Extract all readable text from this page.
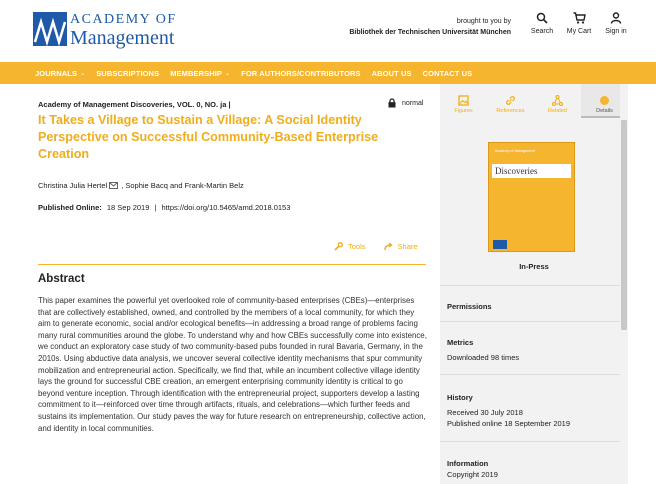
ACADEMY OF
Management
brought to you by
Bibliothek der Technischen Universität München	Search My Cart	Sign in
JOURNALS ⌄ SUBSCRIPTIONS MEMBERSHIP ⌄ FOR AUTHORS/CONTRIBUTORS ABOUT US CONTACT US
Academy of Management Discoveries, VOL. 0, NO. ja |	normal
It Takes a Village to Sustain a Village: A Social Identity Perspective on Successful Community-Based Enterprise Creation
Christina Julia Hertel , Sophie Bacq and Frank-Martin Belz
Published Online: 18 Sep 2019 | https://doi.org/10.5465/amd.2018.0153
Tools	Share
Abstract

This paper examines the powerful yet overlooked role of community-based enterprises (CBEs)—enterprises that are collectively established, owned, and controlled by the members of a local community, for which they aim to generate economic, social and/or ecological benefits—in addressing a broad range of problems facing many rural communities around the globe. To understand why and how CBEs successfully come into existence, we conduct an exploratory case study of two community-based pubs founded in rural Bavaria, Germany, in the 2010s. Using abductive data analysis, we uncover several collective identity mechanisms that spur community mobilization and entrepreneurial action. Specifically, we find that, while an incumbent collective village identity lays the ground for successful CBE creation, an emergent enterprising community identity is critical to go beyond venture inception. Through identification with the entrepreneurial project, supporters develop a lasting commitment to it—reinforced over time through artifacts, rituals, and celebrations—which further feeds and sustains its implementation. Our study paves the way for future research on entrepreneurship, collective action, and identity in local communities.

Figures	References	Related	Details
Academy of Management
Discoveries
In-Press
Permissions
Metrics
Downloaded 98 times
History
Received 30 July 2018
Published online 18 September 2019
Information
Copyright 2019
